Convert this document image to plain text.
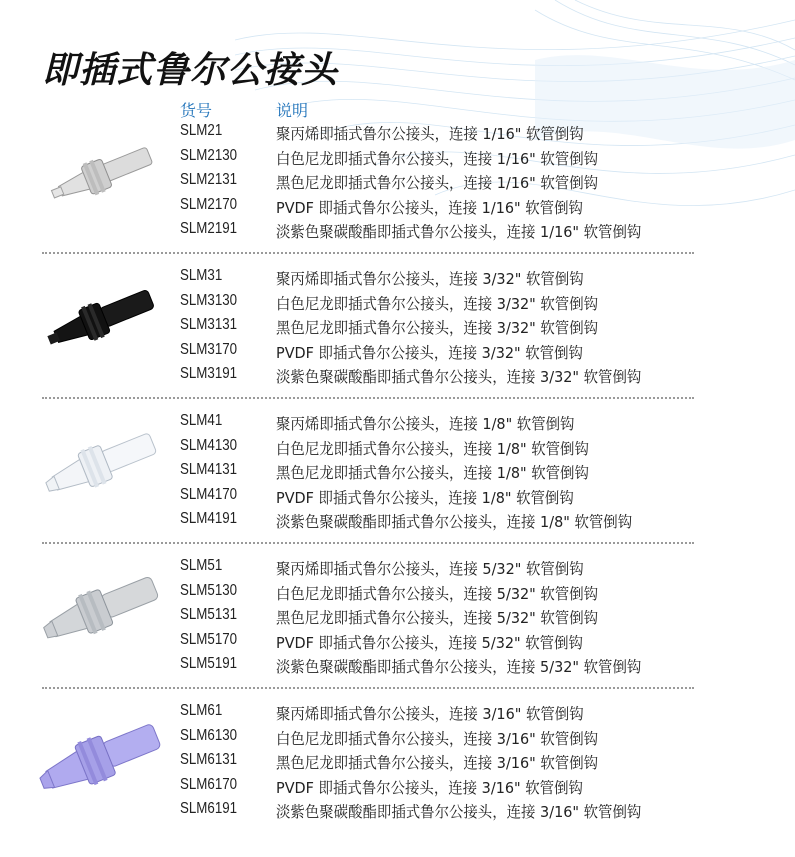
即插式鲁尔公接头
货号	说明
SLM21	聚丙烯即插式鲁尔公接头，连接 1/16" 软管倒钩
SLM2130	白色尼龙即插式鲁尔公接头，连接 1/16" 软管倒钩
SLM2131	黑色尼龙即插式鲁尔公接头，连接 1/16" 软管倒钩
SLM2170	PVDF 即插式鲁尔公接头，连接 1/16" 软管倒钩
SLM2191	淡紫色聚碳酸酯即插式鲁尔公接头，连接 1/16" 软管倒钩
SLM31	聚丙烯即插式鲁尔公接头，连接 3/32" 软管倒钩
SLM3130	白色尼龙即插式鲁尔公接头，连接 3/32" 软管倒钩
SLM3131	黑色尼龙即插式鲁尔公接头，连接 3/32" 软管倒钩
SLM3170	PVDF 即插式鲁尔公接头，连接 3/32" 软管倒钩
SLM3191	淡紫色聚碳酸酯即插式鲁尔公接头，连接 3/32" 软管倒钩
SLM41	聚丙烯即插式鲁尔公接头，连接 1/8" 软管倒钩
SLM4130	白色尼龙即插式鲁尔公接头，连接 1/8" 软管倒钩
SLM4131	黑色尼龙即插式鲁尔公接头，连接 1/8" 软管倒钩
SLM4170	PVDF 即插式鲁尔公接头，连接 1/8" 软管倒钩
SLM4191	淡紫色聚碳酸酯即插式鲁尔公接头，连接 1/8" 软管倒钩
SLM51	聚丙烯即插式鲁尔公接头，连接 5/32" 软管倒钩
SLM5130	白色尼龙即插式鲁尔公接头，连接 5/32" 软管倒钩
SLM5131	黑色尼龙即插式鲁尔公接头，连接 5/32" 软管倒钩
SLM5170	PVDF 即插式鲁尔公接头，连接 5/32" 软管倒钩
SLM5191	淡紫色聚碳酸酯即插式鲁尔公接头，连接 5/32" 软管倒钩
SLM61	聚丙烯即插式鲁尔公接头，连接 3/16" 软管倒钩
SLM6130	白色尼龙即插式鲁尔公接头，连接 3/16" 软管倒钩
SLM6131	黑色尼龙即插式鲁尔公接头，连接 3/16" 软管倒钩
SLM6170	PVDF 即插式鲁尔公接头，连接 3/16" 软管倒钩
SLM6191	淡紫色聚碳酸酯即插式鲁尔公接头，连接 3/16" 软管倒钩
